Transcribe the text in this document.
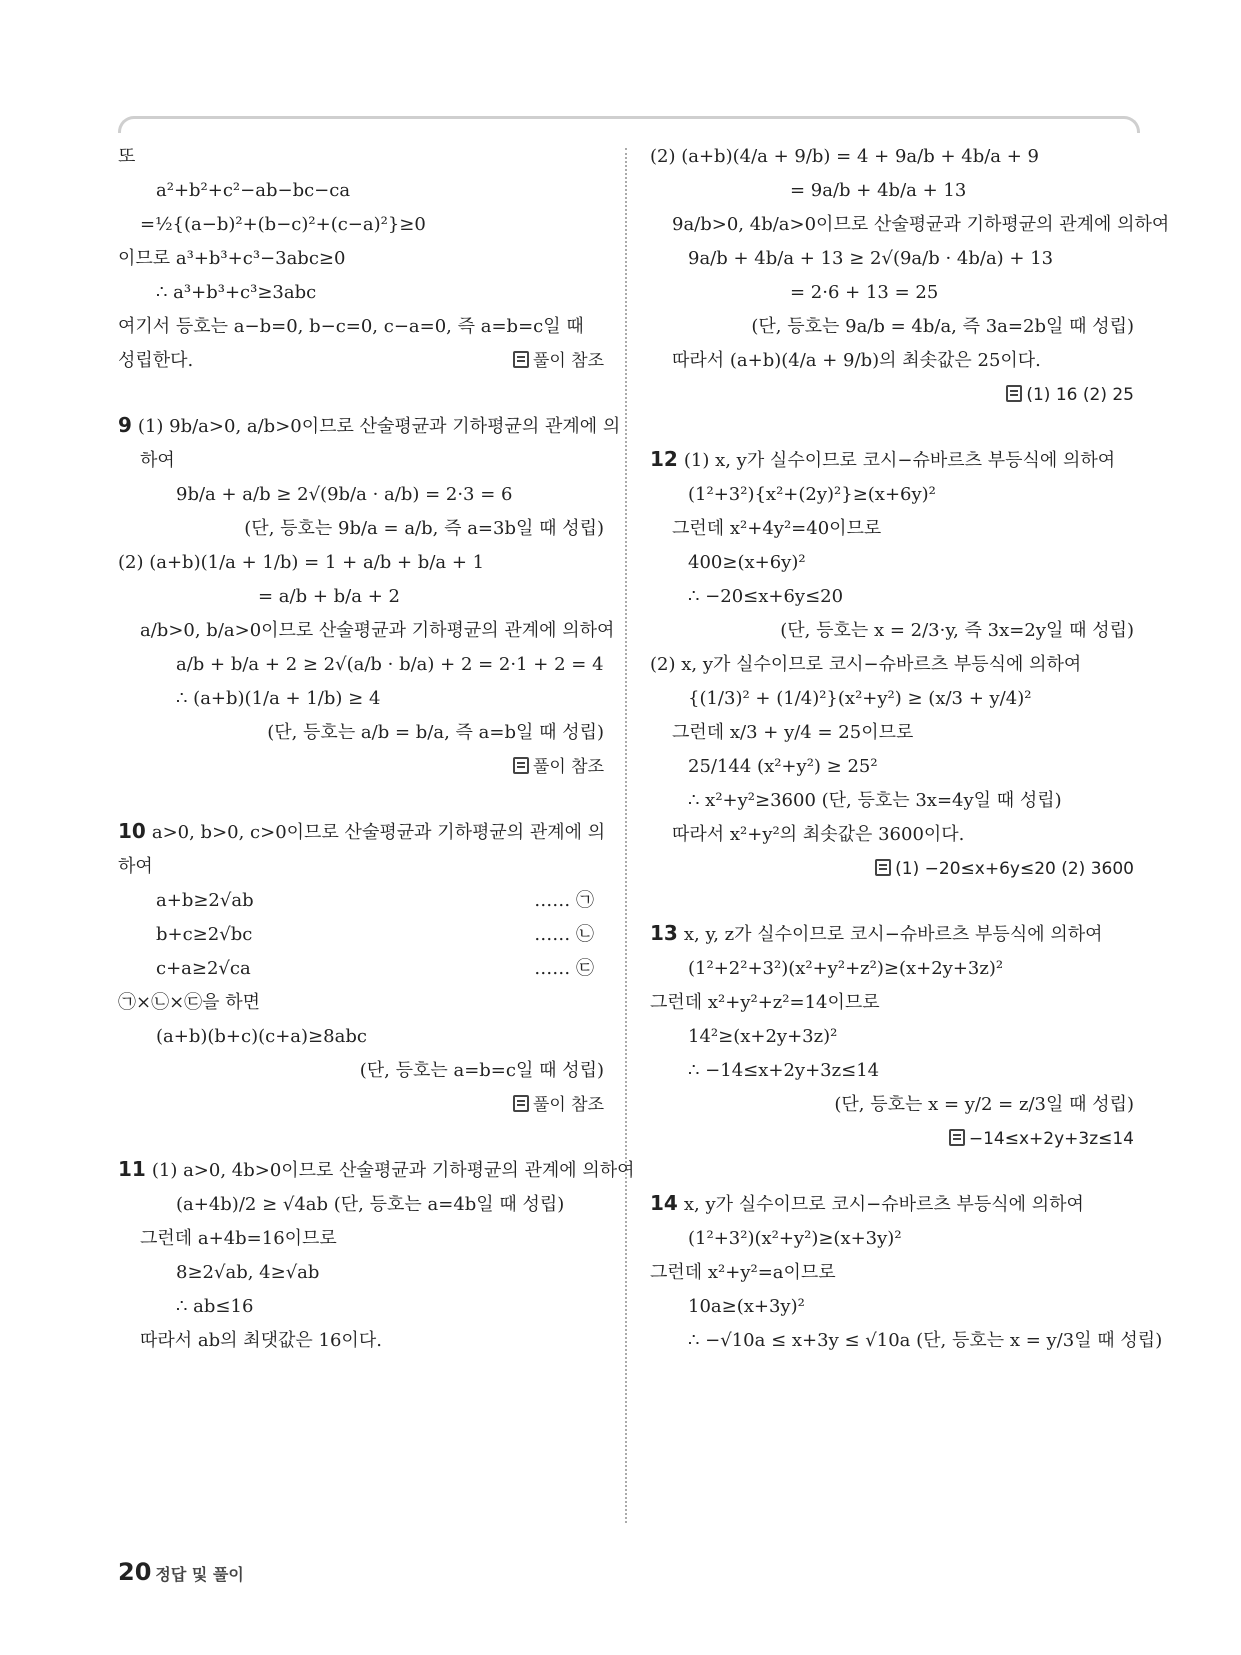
또
a²+b²+c²−ab−bc−ca
=½{(a−b)²+(b−c)²+(c−a)²}≥0
이므로 a³+b³+c³−3abc≥0
∴ a³+b³+c³≥3abc
여기서 등호는 a−b=0, b−c=0, c−a=0, 즉 a=b=c일 때
성립한다.	풀이 참조
9 (1) 9b/a>0, a/b>0이므로 산술평균과 기하평균의 관계에 의
하여
9b/a + a/b ≥ 2√(9b/a · a/b) = 2·3 = 6
(단, 등호는 9b/a = a/b, 즉 a=3b일 때 성립)
(2) (a+b)(1/a + 1/b) = 1 + a/b + b/a + 1
= a/b + b/a + 2
a/b>0, b/a>0이므로 산술평균과 기하평균의 관계에 의하여
a/b + b/a + 2 ≥ 2√(a/b · b/a) + 2 = 2·1 + 2 = 4
∴ (a+b)(1/a + 1/b) ≥ 4
(단, 등호는 a/b = b/a, 즉 a=b일 때 성립)
풀이 참조
10 a>0, b>0, c>0이므로 산술평균과 기하평균의 관계에 의
하여
a+b≥2√ab	…… ㉠
b+c≥2√bc	…… ㉡
c+a≥2√ca	…… ㉢
㉠×㉡×㉢을 하면
(a+b)(b+c)(c+a)≥8abc
(단, 등호는 a=b=c일 때 성립)
풀이 참조
11 (1) a>0, 4b>0이므로 산술평균과 기하평균의 관계에 의하여
(a+4b)/2 ≥ √4ab (단, 등호는 a=4b일 때 성립)
그런데 a+4b=16이므로
8≥2√ab, 4≥√ab
∴ ab≤16
따라서 ab의 최댓값은 16이다.
(2) (a+b)(4/a + 9/b) = 4 + 9a/b + 4b/a + 9
= 9a/b + 4b/a + 13
9a/b>0, 4b/a>0이므로 산술평균과 기하평균의 관계에 의하여
9a/b + 4b/a + 13 ≥ 2√(9a/b · 4b/a) + 13
= 2·6 + 13 = 25
(단, 등호는 9a/b = 4b/a, 즉 3a=2b일 때 성립)
따라서 (a+b)(4/a + 9/b)의 최솟값은 25이다.
(1) 16 (2) 25
12 (1) x, y가 실수이므로 코시−슈바르츠 부등식에 의하여
(1²+3²){x²+(2y)²}≥(x+6y)²
그런데 x²+4y²=40이므로
400≥(x+6y)²
∴ −20≤x+6y≤20
(단, 등호는 x = 2/3·y, 즉 3x=2y일 때 성립)
(2) x, y가 실수이므로 코시−슈바르츠 부등식에 의하여
{(1/3)² + (1/4)²}(x²+y²) ≥ (x/3 + y/4)²
그런데 x/3 + y/4 = 25이므로
25/144 (x²+y²) ≥ 25²
∴ x²+y²≥3600 (단, 등호는 3x=4y일 때 성립)
따라서 x²+y²의 최솟값은 3600이다.
(1) −20≤x+6y≤20 (2) 3600
13 x, y, z가 실수이므로 코시−슈바르츠 부등식에 의하여
(1²+2²+3²)(x²+y²+z²)≥(x+2y+3z)²
그런데 x²+y²+z²=14이므로
14²≥(x+2y+3z)²
∴ −14≤x+2y+3z≤14
(단, 등호는 x = y/2 = z/3일 때 성립)
−14≤x+2y+3z≤14
14 x, y가 실수이므로 코시−슈바르츠 부등식에 의하여
(1²+3²)(x²+y²)≥(x+3y)²
그런데 x²+y²=a이므로
10a≥(x+3y)²
∴ −√10a ≤ x+3y ≤ √10a (단, 등호는 x = y/3일 때 성립)
20 정답 및 풀이
